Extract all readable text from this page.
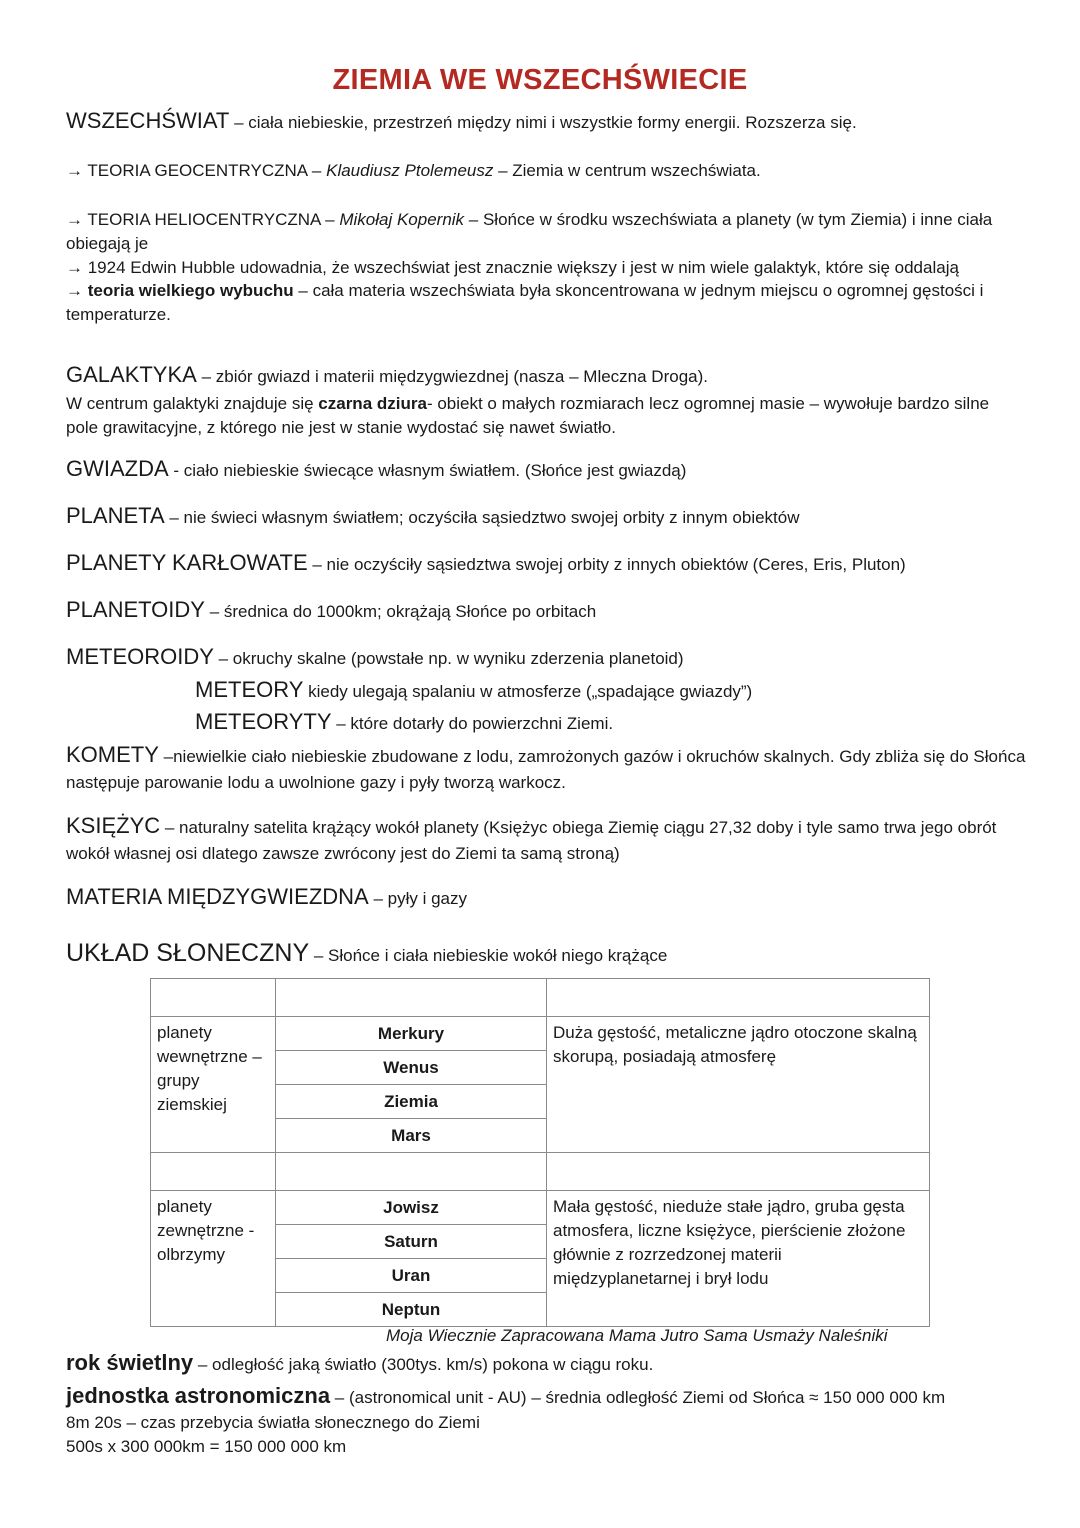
ZIEMIA WE WSZECHŚWIECIE
WSZECHŚWIAT – ciała niebieskie, przestrzeń między nimi i wszystkie formy energii. Rozszerza się.
→ TEORIA GEOCENTRYCZNA – Klaudiusz Ptolemeusz – Ziemia w centrum wszechświata.
→ TEORIA HELIOCENTRYCZNA – Mikołaj Kopernik – Słońce w środku wszechświata a planety (w tym Ziemia) i inne ciała obiegają je
→ 1924 Edwin Hubble udowadnia, że wszechświat jest znacznie większy i jest w nim wiele galaktyk, które się oddalają
→ teoria wielkiego wybuchu – cała materia wszechświata była skoncentrowana w jednym miejscu o ogromnej gęstości i temperaturze.
GALAKTYKA – zbiór gwiazd i materii międzygwiezdnej (nasza – Mleczna Droga).
W centrum galaktyki znajduje się czarna dziura- obiekt o małych rozmiarach lecz ogromnej masie – wywołuje bardzo silne pole grawitacyjne, z którego nie jest w stanie wydostać się nawet światło.
GWIAZDA - ciało niebieskie świecące własnym światłem. (Słońce jest gwiazdą)
PLANETA – nie świeci własnym światłem; oczyściła sąsiedztwo swojej orbity z innym obiektów
PLANETY KARŁOWATE – nie oczyściły sąsiedztwa swojej orbity z innych obiektów (Ceres, Eris, Pluton)
PLANETOIDY – średnica do 1000km; okrążają Słońce po orbitach
METEOROIDY – okruchy skalne (powstałe np. w wyniku zderzenia planetoid)
METEORY kiedy ulegają spalaniu w atmosferze („spadające gwiazdy”)
METEORYTY – które dotarły do powierzchni Ziemi.
KOMETY –niewielkie ciało niebieskie zbudowane z lodu, zamrożonych gazów i okruchów skalnych. Gdy zbliża się do Słońca następuje parowanie lodu a uwolnione gazy i pyły tworzą warkocz.
KSIĘŻYC – naturalny satelita krążący wokół planety (Księżyc obiega Ziemię ciągu 27,32 doby i tyle samo trwa jego obrót wokół własnej osi dlatego zawsze zwrócony jest do Ziemi ta samą stroną)
MATERIA MIĘDZYGWIEZDNA – pyły i gazy
UKŁAD SŁONECZNY – Słońce i ciała niebieskie wokół niego krążące

planety wewnętrzne – grupy ziemskiej	Merkury	Duża gęstość, metaliczne jądro otoczone skalną skorupą, posiadają atmosferę
	Wenus	
	Ziemia	
	Mars	

planety zewnętrzne - olbrzymy	Jowisz	Mała gęstość, nieduże stałe jądro, gruba gęsta atmosfera, liczne księżyce, pierścienie złożone głównie z rozrzedzonej materii międzyplanetarnej i brył lodu
	Saturn	
	Uran	
	Neptun	
Moja Wiecznie Zapracowana Mama Jutro Sama Usmaży Naleśniki
rok świetlny – odległość jaką światło (300tys. km/s) pokona w ciągu roku.
jednostka astronomiczna – (astronomical unit - AU) – średnia odległość Ziemi od Słońca ≈ 150 000 000 km
8m 20s – czas przebycia światła słonecznego do Ziemi
500s x 300 000km = 150 000 000 km
